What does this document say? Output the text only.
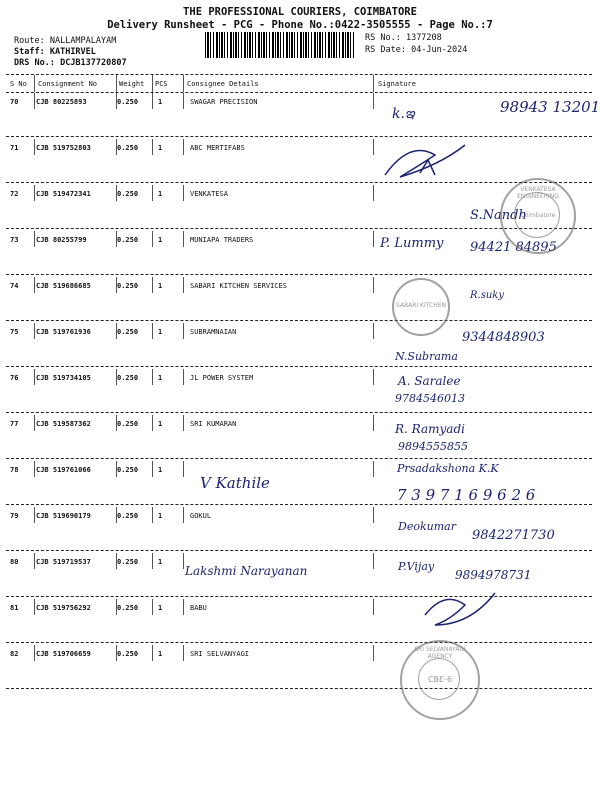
THE PROFESSIONAL COURIERS, COIMBATORE
Delivery Runsheet - PCG - Phone No.:0422-3505555 - Page No.:7
Route: NALLAMPALAYAM
Staff: KATHIRVEL
DRS No.: DCJB137720807
RS No.: 1377208
RS Date: 04-Jun-2024
S No Consignment No	Weight PCS	Consignee Details	Signature
70	CJB 80225893	0.250	1	SWAGAR PRECISION
k.ఇ	98943 13201
71	CJB 519752803	0.250	1	ABC MERTIFABS
72	CJB 519472341	0.250	1	VENKATESA
S.Nandh
73	CJB 80255799	0.250	1	MUNIAPA TRADERS	P. Lummy 94421 84895
74	CJB 519686685	0.250	1	SABARI KITCHEN SERVICES
R.suky
75	CJB 519761936	0.250	1	SUBRAMNAIAN
N.Subrama
9344848903
76	CJB 519734105	0.250	1	JL POWER SYSTEM	A. Saralee
9784546013
77	CJB 519587362	0.250	1	SRI KUMARAN	R. Ramyadi
9894555855
78	CJB 519761066	0.250	1
V Kathile
Prsadakshona K.K
7 3 9 7 1 6 9 6 2 6
79	CJB 519690179	0.250	1	GOKUL
Deokumar
9842271730
80	CJB 519719537	0.250	1
Lakshmi Narayanan	P.Vijay
9894978731
81	CJB 519756292	0.250	1	BABU
82	CJB 519706659	0.250	1	SRI SELVANYAGI
VENKATESA ENGINEERING
Coimbatore
SABARI KITCHEN
SRI SELVANAYAGI AGENCY
CBE-6
